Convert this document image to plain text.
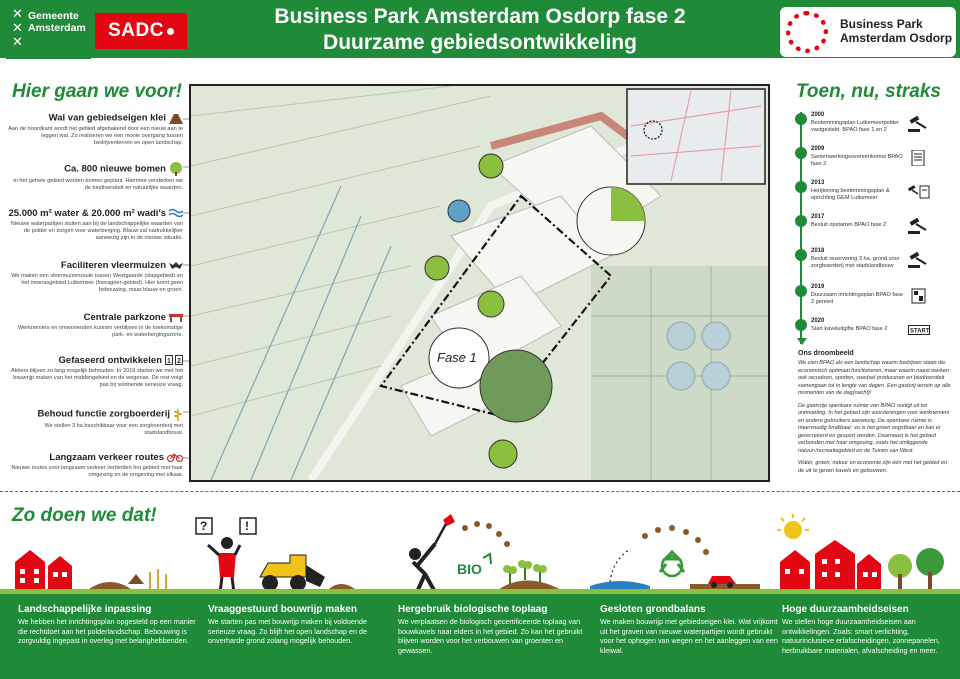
✕
✕
✕
Gemeente
Amsterdam SADC
Business Park Amsterdam Osdorp fase 2
Duurzame gebiedsontwikkeling
Business Park
Amsterdam Osdorp
Hier gaan we voor!
Wal van gebiedseigen klei
Aan de noordkant wordt het gebied afgebakend door een nieuw aan te leggen wal. Zo realiseren we een mooie overgang tussen bedrijventerrein en open landschap.
Ca. 800 nieuwe bomen
In het gehele gebied worden bomen geplant. Hiermee versterken we de biodiversiteit en natuurlijke waarden.
25.000 m² water & 20.000 m² wadi's
Nieuwe waterpartijen sluiten aan bij de landschappelijke waarden van de polder en zorgen voor waterberging. Blauw zal nadrukkelijker aanwezig zijn in de nieuwe situatie.
Faciliteren vleermuizen
We maken een vleermuizenroute tussen Westgaarde (slapgebied) en het moerasgebied Lutkemeer (foerageer-gebied). Hier komt geen bebouwing, maar blauw en groen.
Centrale parkzone
Werknemers en omwonenden kunnen verblijven in de toekomstige park- en waterbergingszone.
Gefaseerd ontwikkelen 1 2
Akkers blijven zo lang mogelijk behouden. In 2019 starten we met het bouwrijp maken van het middengebied en de wegenas. De rest volgt pas bij voldoende serieuze vraag.
Behoud functie zorgboerderij
We stellen 3 ha beschikbaar voor een zorgboerderij met stadslandbouw.
Langzaam verkeer routes
Nieuwe routes voor langzaam verkeer verbinden het gebied met haar omgeving en de omgeving met elkaar.
Fase 1
Toen, nu, straks
2000
Bestemmingsplan Lutkemeerpolder vastgesteld. BPAO fase 1 en 2
2009
Samenwerkingsovereenkomst BPAO fase 2
2013
Herijkening bestemmingsplan & oprichting GEM Lutkemeer
2017
Besluit opstarten BPAO fase 2
2018
Besluit reservering 3 ha. grond voor zorgboerderij met stadslandbouw
2019
Duurzaam inrichtingsplan BPAO fase 2 gereed
2020
Start kaveluitgifte BPAO fase 2	START
Ons droombeeld

We zien BPAO als een landschap waarin bedrijven staan die economisch optimaal functioneren, maar waarin naast werken ook recreëren, sporten, voedsel produceren en biodiversiteit samengaan tot in lengte van dagen. Een gastvrij terrein op alle momenten van de dag(nacht)!

De gastvrije openbare ruimte van BPAO nodigt uit tot ontmoeting. In het gebied zijn voorzieningen voor werknemers en andere gebruikers aanwezig. De openbare ruimte is meervoudig bruikbaar: zo is het groen oogstbaar en kan er gerecreëerd en gesport worden. Daarnaast is het gebied verbonden met haar omgeving, zoals het omliggende natuur-/recreatiegebied en de Tuinen van West.

Water, groen, natuur en economie zijn één met het gebied en de uit te geven kavels en gebouwen.

Zo doen we dat!	?	!
BIO
Landschappelijke inpassing
We hebben het inrichtingsplan opgesteld op een manier die rechtdoet aan het polderlandschap. Bebouwing is zorgvuldig ingepast in overleg met belanghebbenden.
Vraaggestuurd bouwrijp maken
We starten pas met bouwrijp maken bij voldoende serieuze vraag. Zo blijft het open landschap en de onverharde grond zolang mogelijk behouden.
Hergebruik biologische toplaag
We verplaatsen de biologisch gecertificeerde toplaag van bouwkavels naar elders in het gebied. Zo kan het gebruikt blijven worden voor het verbouwen van groenten en gewassen.
Gesloten grondbalans
We maken bouwrijp met gebiedseigen klei. Wat vrijkomt uit het graven van nieuwe waterpartijen wordt gebruikt voor het ophogen van wegen en het aanleggen van een kleiwal.
Hoge duurzaamheidseisen
We stellen hoge duurzaamheidseisen aan ontwikkelingen. Zoals: smart verlichting, natuurinclusieve erfafscheidingen, zonnepanelen, herbruikbare materialen, afvalscheiding en meer.
